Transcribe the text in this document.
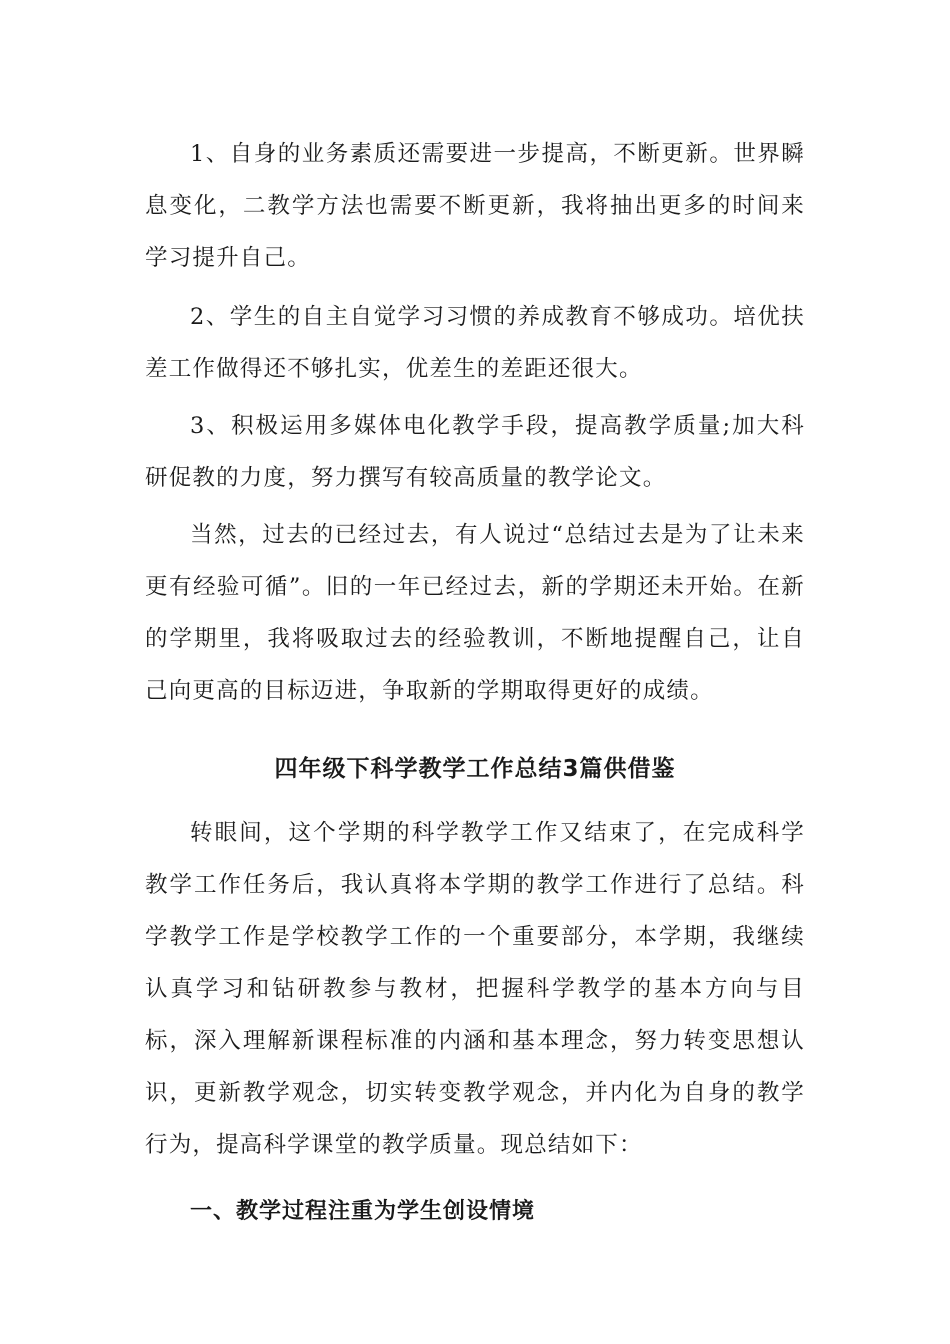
1、自身的业务素质还需要进一步提高，不断更新。世界瞬息变化，二教学方法也需要不断更新，我将抽出更多的时间来学习提升自己。

2、学生的自主自觉学习习惯的养成教育不够成功。培优扶差工作做得还不够扎实，优差生的差距还很大。

3、积极运用多媒体电化教学手段，提高教学质量;加大科研促教的力度，努力撰写有较高质量的教学论文。

当然，过去的已经过去，有人说过“总结过去是为了让未来更有经验可循”。旧的一年已经过去，新的学期还未开始。在新的学期里，我将吸取过去的经验教训，不断地提醒自己，让自己向更高的目标迈进，争取新的学期取得更好的成绩。

四年级下科学教学工作总结3篇供借鉴

转眼间，这个学期的科学教学工作又结束了，在完成科学教学工作任务后，我认真将本学期的教学工作进行了总结。科学教学工作是学校教学工作的一个重要部分，本学期，我继续认真学习和钻研教参与教材，把握科学教学的基本方向与目标，深入理解新课程标准的内涵和基本理念，努力转变思想认识，更新教学观念，切实转变教学观念，并内化为自身的教学行为，提高科学课堂的教学质量。现总结如下：

一、教学过程注重为学生创设情境
